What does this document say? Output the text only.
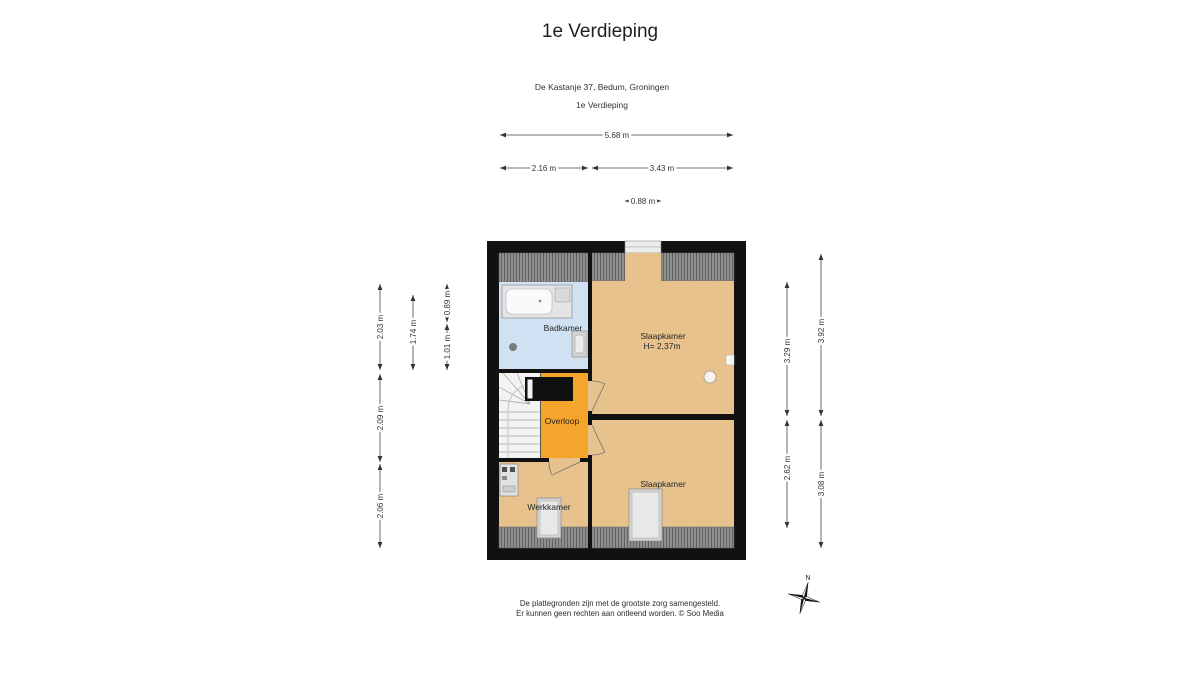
1e Verdieping
De Kastanje 37, Bedum, Groningen
1e Verdieping
5.68 m
2.16 m	3.43 m
0.88 m
2.03 m
2.09 m
2.06 m
1.74 m
0.89 m
1.01 m	3.29 m
2.62 m
3.92 m
3.08 m
Badkamer
Slaapkamer
H= 2,37m
Overloop
Slaapkamer
Werkkamer
De plattegronden zijn met de grootste zorg samengesteld.
Er kunnen geen rechten aan ontleend worden. © Soo Media
N
